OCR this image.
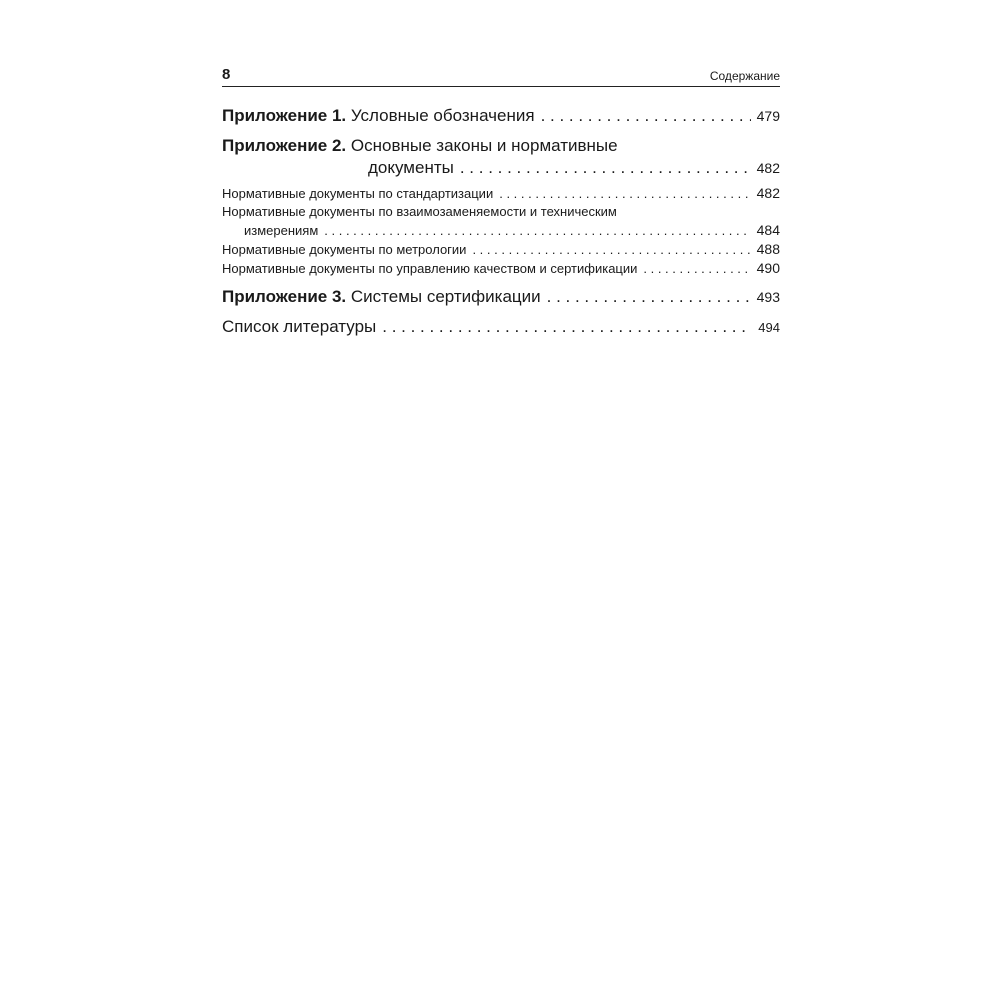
8	Содержание
Приложение 1.
Условные обозначения . . .	479
Приложение 2.
Основные законы и нормативные
документы . . .	482
Нормативные документы по стандартизации . . .	482
Нормативные документы по взаимозаменяемости и техническим
измерениям . . .	484
Нормативные документы по метрологии . . .	488
Нормативные документы по управлению качеством и сертификации . . .	490
Приложение 3.
Системы сертификации . . .	493
Список литературы . . .	494
